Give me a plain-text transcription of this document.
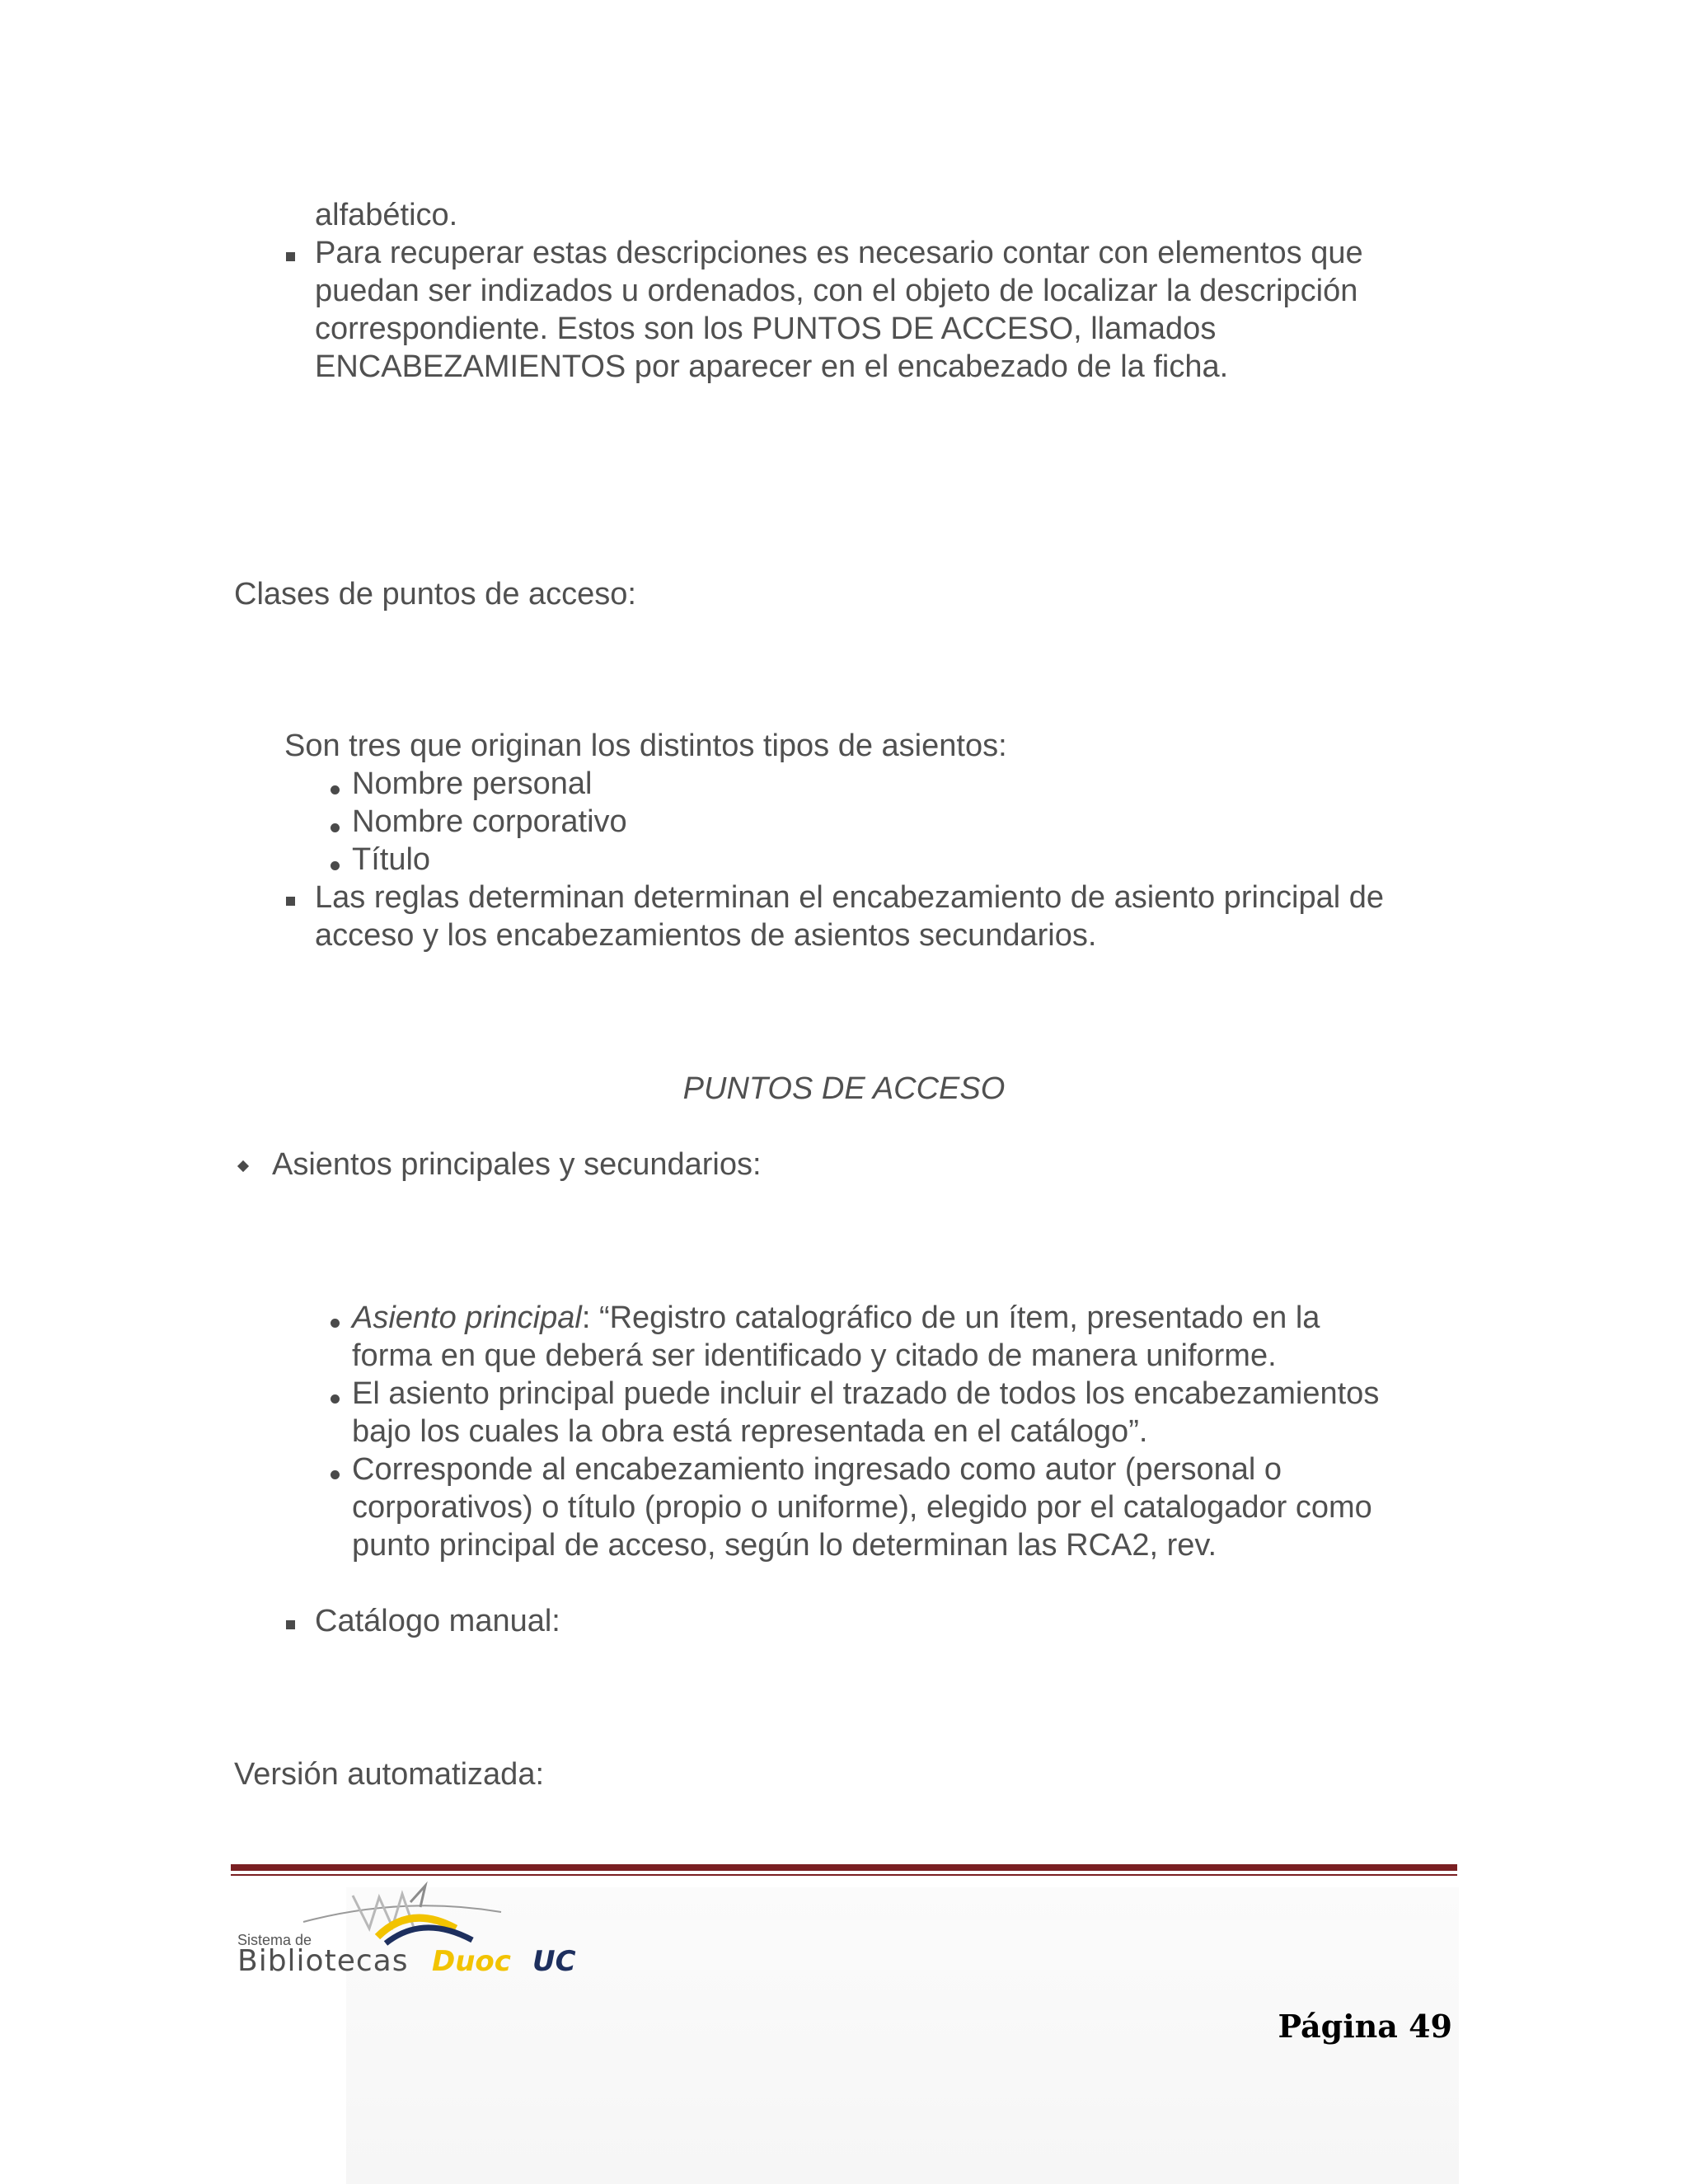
alfabético.
Para recuperar estas descripciones es necesario contar con elementos que
puedan ser indizados u ordenados, con el objeto de localizar la descripción
correspondiente. Estos son los PUNTOS DE ACCESO, llamados
ENCABEZAMIENTOS por aparecer en el encabezado de la ficha.
Clases de puntos de acceso:
Son tres que originan los distintos tipos de asientos:
Nombre personal
Nombre corporativo
Título
Las reglas determinan determinan el encabezamiento de asiento principal de
acceso y los encabezamientos de asientos secundarios.
PUNTOS DE ACCESO
Asientos principales y secundarios:
Asiento principal: “Registro catalográfico de un ítem, presentado en la
forma en que deberá ser identificado y citado de manera uniforme.
El asiento principal puede incluir el trazado de todos los encabezamientos
bajo los cuales la obra está representada en el catálogo”.
Corresponde al encabezamiento ingresado como autor (personal o
corporativos) o título (propio o uniforme), elegido por el catalogador como
punto principal de acceso, según lo determinan las RCA2, rev.
Catálogo manual:
Versión automatizada:
Sistema de
Bibliotecas Duoc UC
Página 49
